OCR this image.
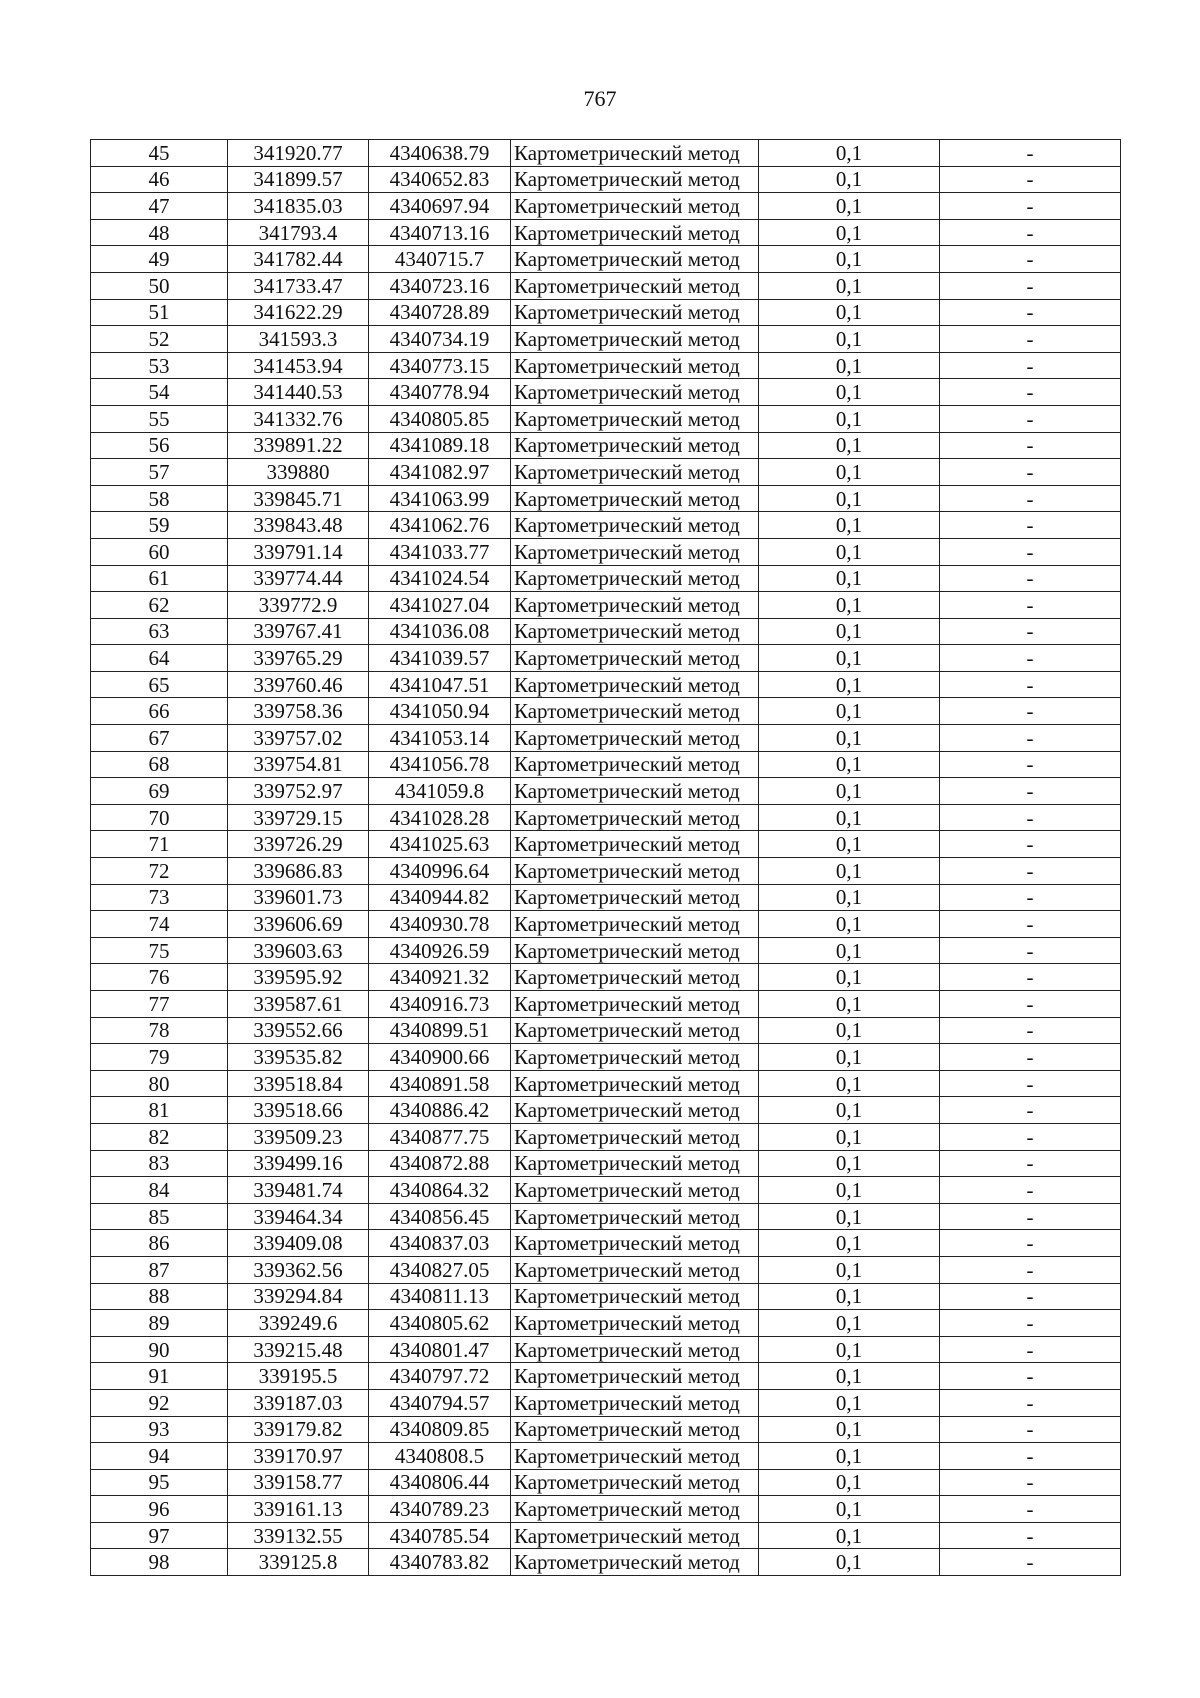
767
45	341920.77	4340638.79	Картометрический метод	0,1	-
46	341899.57	4340652.83	Картометрический метод	0,1	-
47	341835.03	4340697.94	Картометрический метод	0,1	-
48	341793.4	4340713.16	Картометрический метод	0,1	-
49	341782.44	4340715.7	Картометрический метод	0,1	-
50	341733.47	4340723.16	Картометрический метод	0,1	-
51	341622.29	4340728.89	Картометрический метод	0,1	-
52	341593.3	4340734.19	Картометрический метод	0,1	-
53	341453.94	4340773.15	Картометрический метод	0,1	-
54	341440.53	4340778.94	Картометрический метод	0,1	-
55	341332.76	4340805.85	Картометрический метод	0,1	-
56	339891.22	4341089.18	Картометрический метод	0,1	-
57	339880	4341082.97	Картометрический метод	0,1	-
58	339845.71	4341063.99	Картометрический метод	0,1	-
59	339843.48	4341062.76	Картометрический метод	0,1	-
60	339791.14	4341033.77	Картометрический метод	0,1	-
61	339774.44	4341024.54	Картометрический метод	0,1	-
62	339772.9	4341027.04	Картометрический метод	0,1	-
63	339767.41	4341036.08	Картометрический метод	0,1	-
64	339765.29	4341039.57	Картометрический метод	0,1	-
65	339760.46	4341047.51	Картометрический метод	0,1	-
66	339758.36	4341050.94	Картометрический метод	0,1	-
67	339757.02	4341053.14	Картометрический метод	0,1	-
68	339754.81	4341056.78	Картометрический метод	0,1	-
69	339752.97	4341059.8	Картометрический метод	0,1	-
70	339729.15	4341028.28	Картометрический метод	0,1	-
71	339726.29	4341025.63	Картометрический метод	0,1	-
72	339686.83	4340996.64	Картометрический метод	0,1	-
73	339601.73	4340944.82	Картометрический метод	0,1	-
74	339606.69	4340930.78	Картометрический метод	0,1	-
75	339603.63	4340926.59	Картометрический метод	0,1	-
76	339595.92	4340921.32	Картометрический метод	0,1	-
77	339587.61	4340916.73	Картометрический метод	0,1	-
78	339552.66	4340899.51	Картометрический метод	0,1	-
79	339535.82	4340900.66	Картометрический метод	0,1	-
80	339518.84	4340891.58	Картометрический метод	0,1	-
81	339518.66	4340886.42	Картометрический метод	0,1	-
82	339509.23	4340877.75	Картометрический метод	0,1	-
83	339499.16	4340872.88	Картометрический метод	0,1	-
84	339481.74	4340864.32	Картометрический метод	0,1	-
85	339464.34	4340856.45	Картометрический метод	0,1	-
86	339409.08	4340837.03	Картометрический метод	0,1	-
87	339362.56	4340827.05	Картометрический метод	0,1	-
88	339294.84	4340811.13	Картометрический метод	0,1	-
89	339249.6	4340805.62	Картометрический метод	0,1	-
90	339215.48	4340801.47	Картометрический метод	0,1	-
91	339195.5	4340797.72	Картометрический метод	0,1	-
92	339187.03	4340794.57	Картометрический метод	0,1	-
93	339179.82	4340809.85	Картометрический метод	0,1	-
94	339170.97	4340808.5	Картометрический метод	0,1	-
95	339158.77	4340806.44	Картометрический метод	0,1	-
96	339161.13	4340789.23	Картометрический метод	0,1	-
97	339132.55	4340785.54	Картометрический метод	0,1	-
98	339125.8	4340783.82	Картометрический метод	0,1	-
